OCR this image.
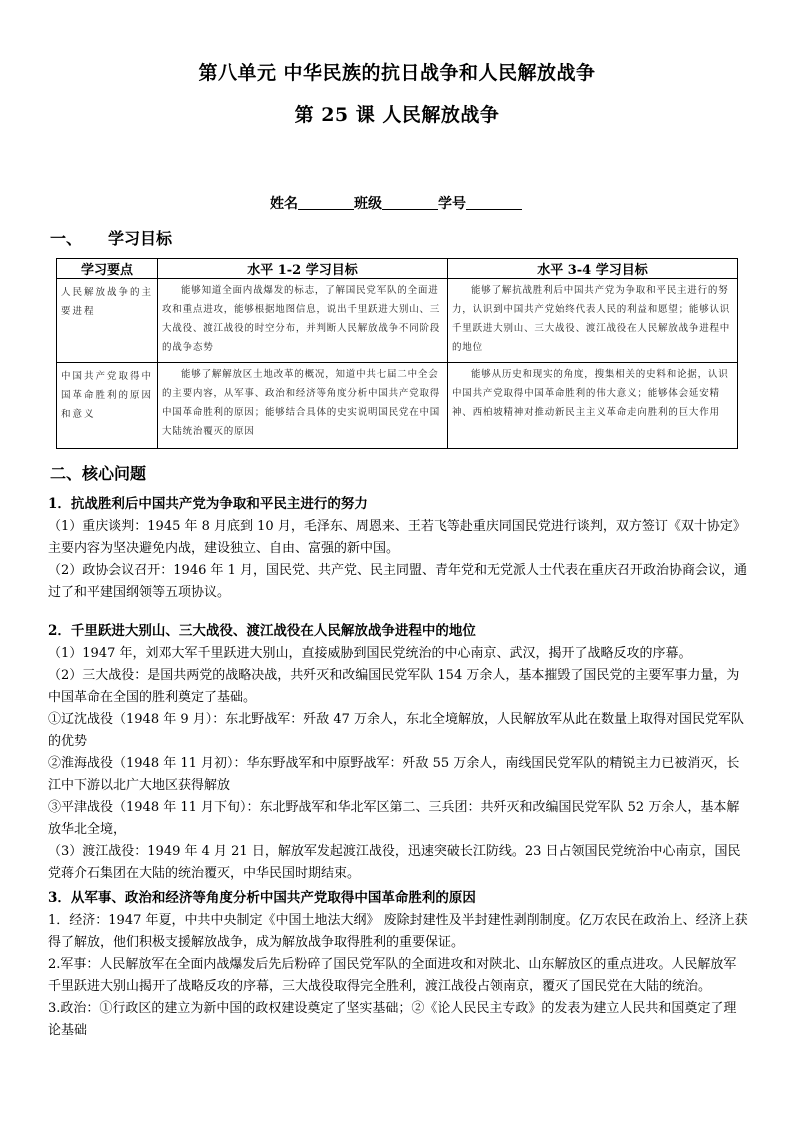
第八单元 中华民族的抗日战争和人民解放战争
第 25 课 人民解放战争
姓名	班级	学号
一、 学习目标
学习要点	水平 1-2 学习目标	水平 3-4 学习目标
人民解放战争的主要进程	能够知道全面内战爆发的标志，了解国民党军队的全面进攻和重点进攻，能够根据地图信息，说出千里跃进大别山、三大战役、渡江战役的时空分布，并判断人民解放战争不同阶段的战争态势	能够了解抗战胜利后中国共产党为争取和平民主进行的努力，认识到中国共产党始终代表人民的利益和愿望；能够认识千里跃进大别山、三大战役、渡江战役在人民解放战争进程中的地位

中国共产党取得中国革命胜利的原因和意义	能够了解解放区土地改革的概况，知道中共七届二中全会的主要内容，从军事、政治和经济等角度分析中国共产党取得中国革命胜利的原因；能够结合具体的史实说明国民党在中国大陆统治覆灭的原因	能够从历史和现实的角度，搜集相关的史料和论据，认识中国共产党取得中国革命胜利的伟大意义；能够体会延安精神、西柏坡精神对推动新民主主义革命走向胜利的巨大作用

二、核心问题

1．抗战胜利后中国共产党为争取和平民主进行的努力

（1）重庆谈判：1945 年 8 月底到 10 月，毛泽东、周恩来、王若飞等赴重庆同国民党进行谈判，双方签订《双十协定》 主要内容为坚决避免内战，建设独立、自由、富强的新中国。

（2）政协会议召开：1946 年 1 月，国民党、共产党、民主同盟、青年党和无党派人士代表在重庆召开政治协商会议，通过了和平建国纲领等五项协议。

2．千里跃进大别山、三大战役、渡江战役在人民解放战争进程中的地位

（1）1947 年，刘邓大军千里跃进大别山，直接威胁到国民党统治的中心南京、武汉，揭开了战略反攻的序幕。

（2）三大战役：是国共两党的战略决战，共歼灭和改编国民党军队 154 万余人，基本摧毁了国民党的主要军事力量，为中国革命在全国的胜利奠定了基础。

①辽沈战役（1948 年 9 月）：东北野战军：歼敌 47 万余人，东北全境解放，人民解放军从此在数量上取得对国民党军队的优势

②淮海战役（1948 年 11 月初）：华东野战军和中原野战军：歼敌 55 万余人，南线国民党军队的精锐主力已被消灭，长江中下游以北广大地区获得解放

③平津战役（1948 年 11 月下旬）：东北野战军和华北军区第二、三兵团：共歼灭和改编国民党军队 52 万余人，基本解放华北全境，

（3）渡江战役：1949 年 4 月 21 日，解放军发起渡江战役，迅速突破长江防线。23 日占领国民党统治中心南京，国民党蒋介石集团在大陆的统治覆灭，中华民国时期结束。

3．从军事、政治和经济等角度分析中国共产党取得中国革命胜利的原因

1．经济：1947 年夏，中共中央制定《中国土地法大纲》 废除封建性及半封建性剥削制度。亿万农民在政治上、经济上获得了解放，他们积极支援解放战争，成为解放战争取得胜利的重要保证。

2.军事：人民解放军在全面内战爆发后先后粉碎了国民党军队的全面进攻和对陕北、山东解放区的重点进攻。人民解放军千里跃进大别山揭开了战略反攻的序幕，三大战役取得完全胜利，渡江战役占领南京，覆灭了国民党在大陆的统治。

3.政治：①行政区的建立为新中国的政权建设奠定了坚实基础；②《论人民民主专政》的发表为建立人民共和国奠定了理论基础
